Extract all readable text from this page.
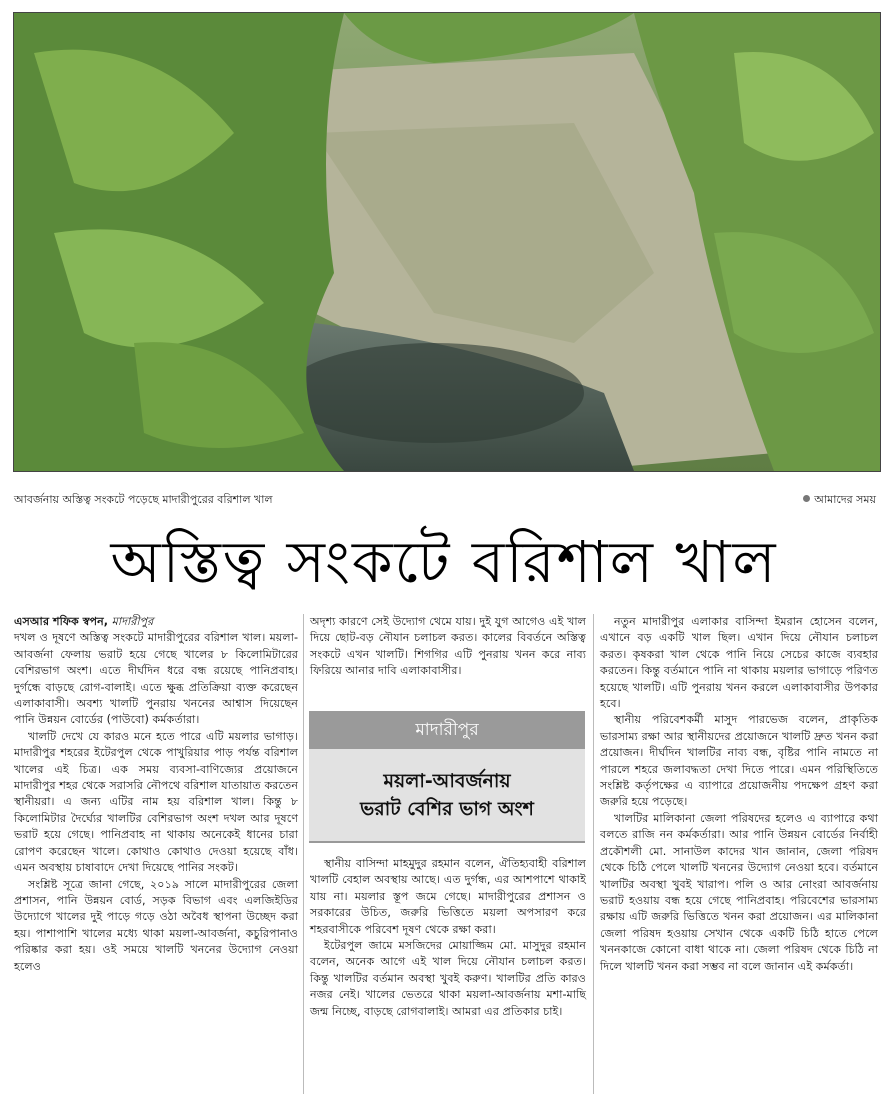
আবর্জনায় অস্তিত্ব সংকটে পড়েছে মাদারীপুরের বরিশাল খাল	আমাদের সময়
অস্তিত্ব সংকটে বরিশাল খাল

এসআর শফিক স্বপন, মাদারীপুর

দখল ও দূষণে অস্তিত্ব সংকটে মাদারীপুরের বরিশাল খাল। ময়লা-আবর্জনা ফেলায় ভরাট হয়ে গেছে খালের ৮ কিলোমিটারের বেশিরভাগ অংশ। এতে দীর্ঘদিন ধরে বন্ধ রয়েছে পানিপ্রবাহ। দুর্গন্ধে বাড়ছে রোগ-বালাই। এতে ক্ষুব্ধ প্রতিক্রিয়া ব্যক্ত করেছেন এলাকাবাসী। অবশ্য খালটি পুনরায় খননের আশ্বাস দিয়েছেন পানি উন্নয়ন বোর্ডের (পাউবো) কর্মকর্তারা।

খালটি দেখে যে কারও মনে হতে পারে এটি ময়লার ভাগাড়। মাদারীপুর শহরের ইটেরপুল থেকে পাখুরিয়ার পাড় পর্যন্ত বরিশাল খালের এই চিত্র। এক সময় ব্যবসা-বাণিজ্যের প্রয়োজনে মাদারীপুর শহর থেকে সরাসরি নৌপথে বরিশাল যাতায়াত করতেন স্থানীয়রা। এ জন্য এটির নাম হয় বরিশাল খাল। কিন্তু ৮ কিলোমিটার দৈর্ঘ্যের খালটির বেশিরভাগ অংশ দখল আর দূষণে ভরাট হয়ে গেছে। পানিপ্রবাহ না থাকায় অনেকেই ধানের চারা রোপণ করেছেন খালে। কোথাও কোথাও দেওয়া হয়েছে বাঁধ। এমন অবস্থায় চাষাবাদে দেখা দিয়েছে পানির সংকট।

সংশ্লিষ্ট সূত্রে জানা গেছে, ২০১৯ সালে মাদারীপুরের জেলা প্রশাসন, পানি উন্নয়ন বোর্ড, সড়ক বিভাগ এবং এলজিইডির উদ্যোগে খালের দুই পাড়ে গড়ে ওঠা অবৈধ স্থাপনা উচ্ছেদ করা হয়। পাশাপাশি খালের মধ্যে থাকা ময়লা-আবর্জনা, কচুরিপানাও পরিষ্কার করা হয়। ওই সময়ে খালটি খননের উদ্যোগ নেওয়া হলেও

অদৃশ্য কারণে সেই উদ্যোগ থেমে যায়। দুই যুগ আগেও এই খাল দিয়ে ছোট-বড় নৌযান চলাচল করত। কালের বিবর্তনে অস্তিত্ব সংকটে এখন খালটি। শিগগির এটি পুনরায় খনন করে নাব্য ফিরিয়ে আনার দাবি এলাকাবাসীর।

মাদারীপুর
ময়লা-আবর্জনায়
ভরাট বেশির ভাগ অংশ

স্থানীয় বাসিন্দা মাহমুদুর রহমান বলেন, ঐতিহ্যবাহী বরিশাল খালটি বেহাল অবস্থায় আছে। এত দুর্গন্ধ, এর আশপাশে থাকাই যায় না। ময়লার স্তূপ জমে গেছে। মাদারীপুরের প্রশাসন ও সরকারের উচিত, জরুরি ভিত্তিতে ময়লা অপসারণ করে শহরবাসীকে পরিবেশ দূষণ থেকে রক্ষা করা।

ইটেরপুল জামে মসজিদের মোয়াজ্জিম মো. মাসুদুর রহমান বলেন, অনেক আগে এই খাল দিয়ে নৌযান চলাচল করত। কিন্তু খালটির বর্তমান অবস্থা খুবই করুণ। খালটির প্রতি কারও নজর নেই। খালের ভেতরে থাকা ময়লা-আবর্জনায় মশা-মাছি জন্ম নিচ্ছে, বাড়ছে রোগবালাই। আমরা এর প্রতিকার চাই।

নতুন মাদারীপুর এলাকার বাসিন্দা ইমরান হোসেন বলেন, এখানে বড় একটি খাল ছিল। এখান দিয়ে নৌযান চলাচল করত। কৃষকরা খাল থেকে পানি নিয়ে সেচের কাজে ব্যবহার করতেন। কিন্তু বর্তমানে পানি না থাকায় ময়লার ভাগাড়ে পরিণত হয়েছে খালটি। এটি পুনরায় খনন করলে এলাকাবাসীর উপকার হবে।

স্থানীয় পরিবেশকর্মী মাসুদ পারভেজ বলেন, প্রাকৃতিক ভারসাম্য রক্ষা আর স্থানীয়দের প্রয়োজনে খালটি দ্রুত খনন করা প্রয়োজন। দীর্ঘদিন খালটির নাব্য বন্ধ, বৃষ্টির পানি নামতে না পারলে শহরে জলাবদ্ধতা দেখা দিতে পারে। এমন পরিস্থিতিতে সংশ্লিষ্ট কর্তৃপক্ষের এ ব্যাপারে প্রয়োজনীয় পদক্ষেপ গ্রহণ করা জরুরি হয়ে পড়েছে।

খালটির মালিকানা জেলা পরিষদের হলেও এ ব্যাপারে কথা বলতে রাজি নন কর্মকর্তারা। আর পানি উন্নয়ন বোর্ডের নির্বাহী প্রকৌশলী মো. সানাউল কাদের খান জানান, জেলা পরিষদ থেকে চিঠি পেলে খালটি খননের উদ্যোগ নেওয়া হবে। বর্তমানে খালটির অবস্থা খুবই খারাপ। পলি ও আর নোংরা আবর্জনায় ভরাট হওয়ায় বন্ধ হয়ে গেছে পানিপ্রবাহ। পরিবেশের ভারসাম্য রক্ষায় এটি জরুরি ভিত্তিতে খনন করা প্রয়োজন। এর মালিকানা জেলা পরিষদ হওয়ায় সেখান থেকে একটি চিঠি হাতে পেলে খননকাজে কোনো বাধা থাকে না। জেলা পরিষদ থেকে চিঠি না দিলে খালটি খনন করা সম্ভব না বলে জানান এই কর্মকর্তা।
